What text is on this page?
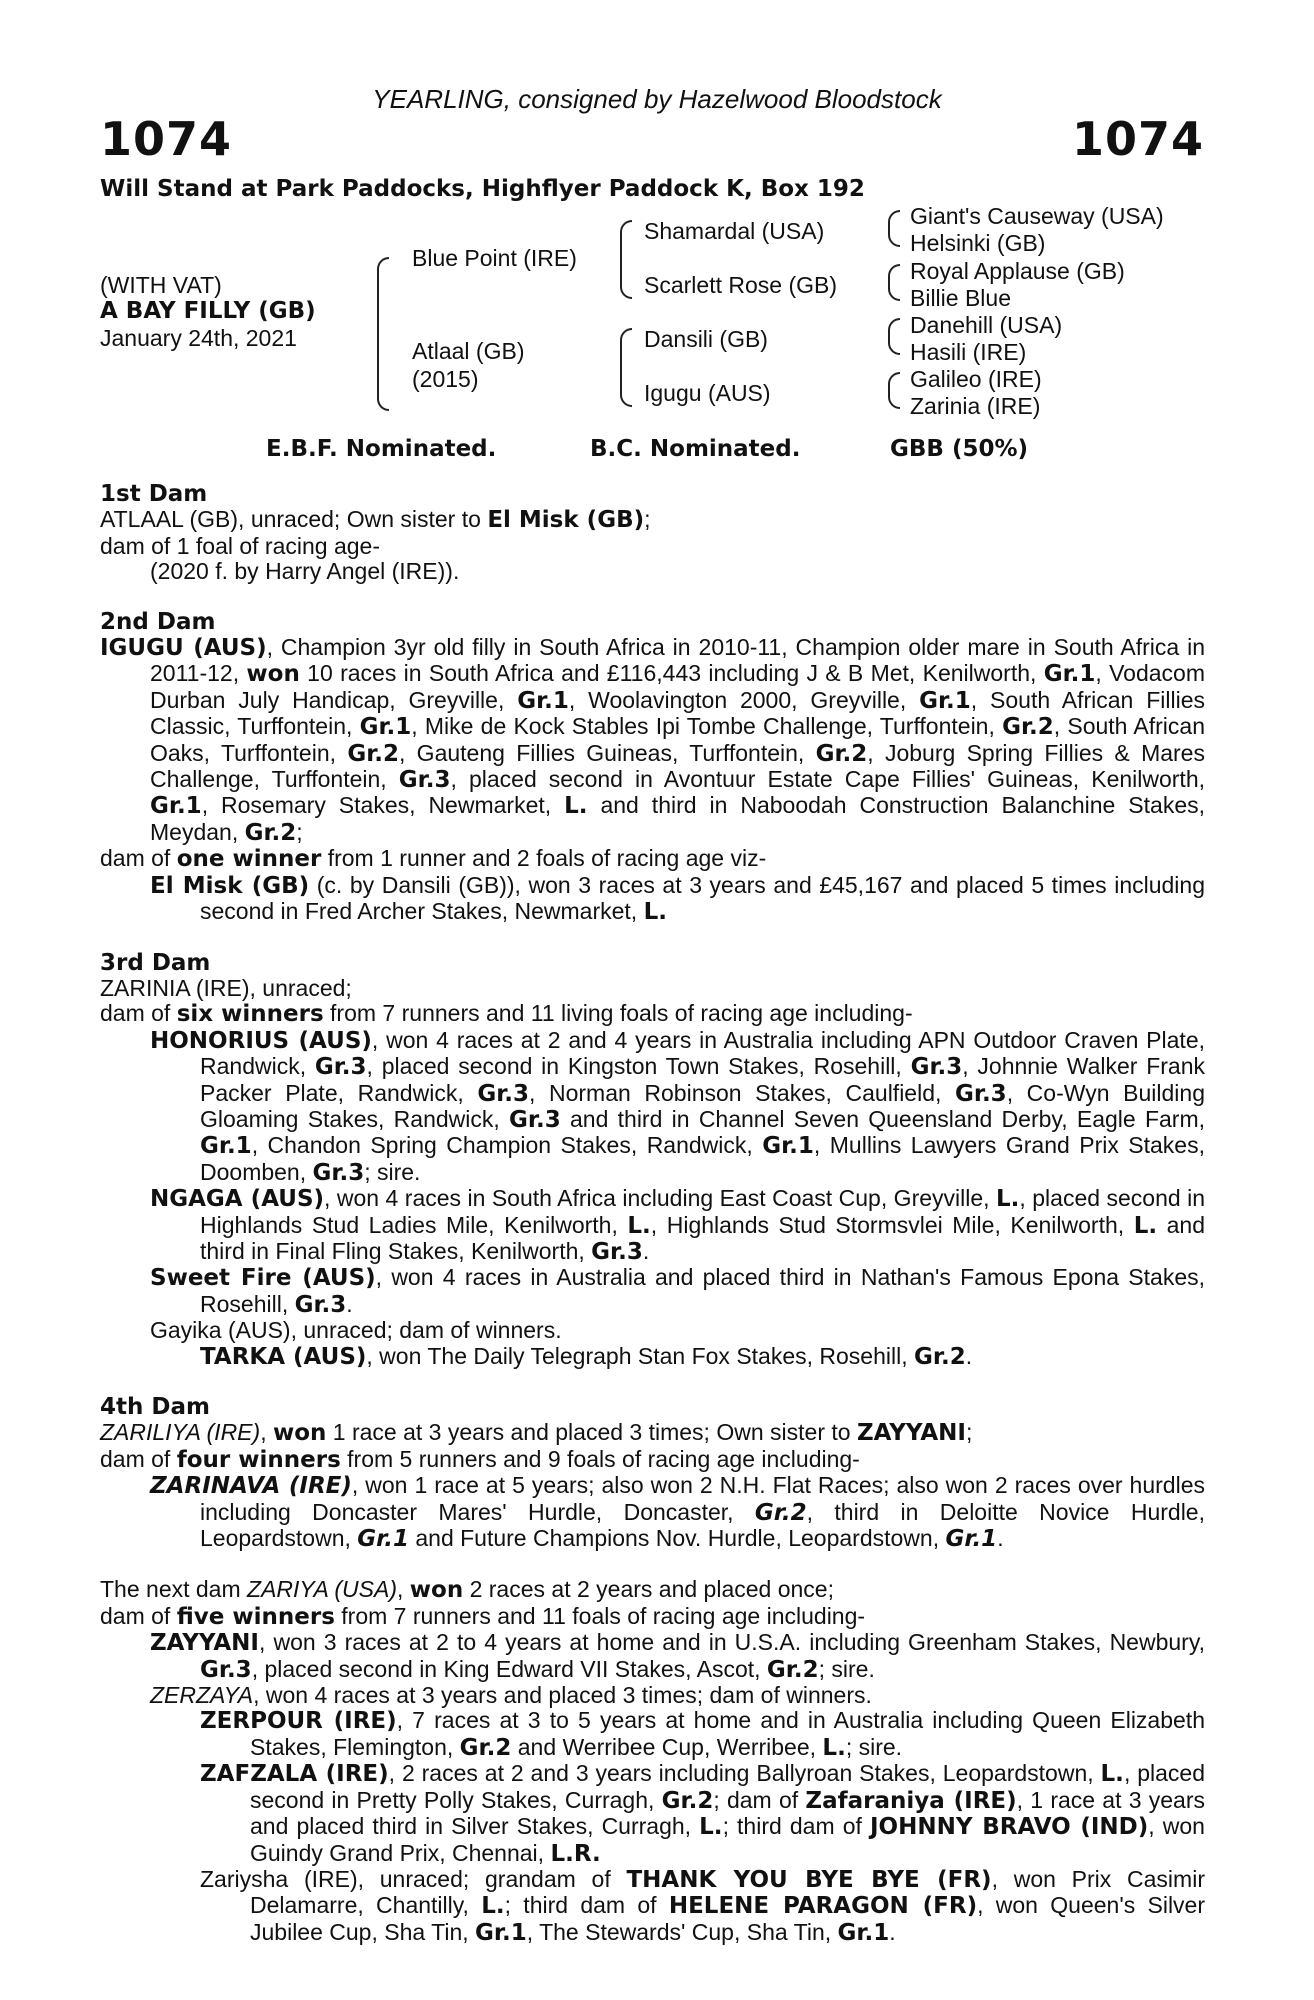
YEARLING, consigned by Hazelwood Bloodstock
1074	1074
Will Stand at Park Paddocks, Highflyer Paddock K, Box 192
(WITH VAT)
A BAY FILLY (GB)
January 24th, 2021
Blue Point (IRE)
Atlaal (GB)
(2015)
Shamardal (USA)
Scarlett Rose (GB)
Dansili (GB)
Igugu (AUS)
Giant's Causeway (USA)
Helsinki (GB)
Royal Applause (GB)
Billie Blue
Danehill (USA)
Hasili (IRE)
Galileo (IRE)
Zarinia (IRE)
E.B.F. Nominated.	B.C. Nominated.	GBB (50%)

1st Dam

ATLAAL (GB), unraced; Own sister to El Misk (GB);

dam of 1 foal of racing age-

(2020 f. by Harry Angel (IRE)).

2nd Dam

IGUGU (AUS), Champion 3yr old filly in South Africa in 2010-11, Champion older mare in South Africa in 2011-12, won 10 races in South Africa and £116,443 including J & B Met, Kenilworth, Gr.1, Vodacom Durban July Handicap, Greyville, Gr.1, Woolavington 2000, Greyville, Gr.1, South African Fillies Classic, Turffontein, Gr.1, Mike de Kock Stables Ipi Tombe Challenge, Turffontein, Gr.2, South African Oaks, Turffontein, Gr.2, Gauteng Fillies Guineas, Turffontein, Gr.2, Joburg Spring Fillies & Mares Challenge, Turffontein, Gr.3, placed second in Avontuur Estate Cape Fillies' Guineas, Kenilworth, Gr.1, Rosemary Stakes, Newmarket, L. and third in Naboodah Construction Balanchine Stakes, Meydan, Gr.2;

dam of one winner from 1 runner and 2 foals of racing age viz-

El Misk (GB) (c. by Dansili (GB)), won 3 races at 3 years and £45,167 and placed 5 times including second in Fred Archer Stakes, Newmarket, L.

3rd Dam

ZARINIA (IRE), unraced;

dam of six winners from 7 runners and 11 living foals of racing age including-

HONORIUS (AUS), won 4 races at 2 and 4 years in Australia including APN Outdoor Craven Plate, Randwick, Gr.3, placed second in Kingston Town Stakes, Rosehill, Gr.3, Johnnie Walker Frank Packer Plate, Randwick, Gr.3, Norman Robinson Stakes, Caulfield, Gr.3, Co-Wyn Building Gloaming Stakes, Randwick, Gr.3 and third in Channel Seven Queensland Derby, Eagle Farm, Gr.1, Chandon Spring Champion Stakes, Randwick, Gr.1, Mullins Lawyers Grand Prix Stakes, Doomben, Gr.3; sire.

NGAGA (AUS), won 4 races in South Africa including East Coast Cup, Greyville, L., placed second in Highlands Stud Ladies Mile, Kenilworth, L., Highlands Stud Stormsvlei Mile, Kenilworth, L. and third in Final Fling Stakes, Kenilworth, Gr.3.

Sweet Fire (AUS), won 4 races in Australia and placed third in Nathan's Famous Epona Stakes, Rosehill, Gr.3.

Gayika (AUS), unraced; dam of winners.

TARKA (AUS), won The Daily Telegraph Stan Fox Stakes, Rosehill, Gr.2.

4th Dam

ZARILIYA (IRE), won 1 race at 3 years and placed 3 times; Own sister to ZAYYANI;

dam of four winners from 5 runners and 9 foals of racing age including-

ZARINAVA (IRE), won 1 race at 5 years; also won 2 N.H. Flat Races; also won 2 races over hurdles including Doncaster Mares' Hurdle, Doncaster, Gr.2, third in Deloitte Novice Hurdle, Leopardstown, Gr.1 and Future Champions Nov. Hurdle, Leopardstown, Gr.1.

The next dam ZARIYA (USA), won 2 races at 2 years and placed once;

dam of five winners from 7 runners and 11 foals of racing age including-

ZAYYANI, won 3 races at 2 to 4 years at home and in U.S.A. including Greenham Stakes, Newbury, Gr.3, placed second in King Edward VII Stakes, Ascot, Gr.2; sire.

ZERZAYA, won 4 races at 3 years and placed 3 times; dam of winners.

ZERPOUR (IRE), 7 races at 3 to 5 years at home and in Australia including Queen Elizabeth Stakes, Flemington, Gr.2 and Werribee Cup, Werribee, L.; sire.

ZAFZALA (IRE), 2 races at 2 and 3 years including Ballyroan Stakes, Leopardstown, L., placed second in Pretty Polly Stakes, Curragh, Gr.2; dam of Zafaraniya (IRE), 1 race at 3 years and placed third in Silver Stakes, Curragh, L.; third dam of JOHNNY BRAVO (IND), won Guindy Grand Prix, Chennai, L.R.

Zariysha (IRE), unraced; grandam of THANK YOU BYE BYE (FR), won Prix Casimir Delamarre, Chantilly, L.; third dam of HELENE PARAGON (FR), won Queen's Silver Jubilee Cup, Sha Tin, Gr.1, The Stewards' Cup, Sha Tin, Gr.1.
